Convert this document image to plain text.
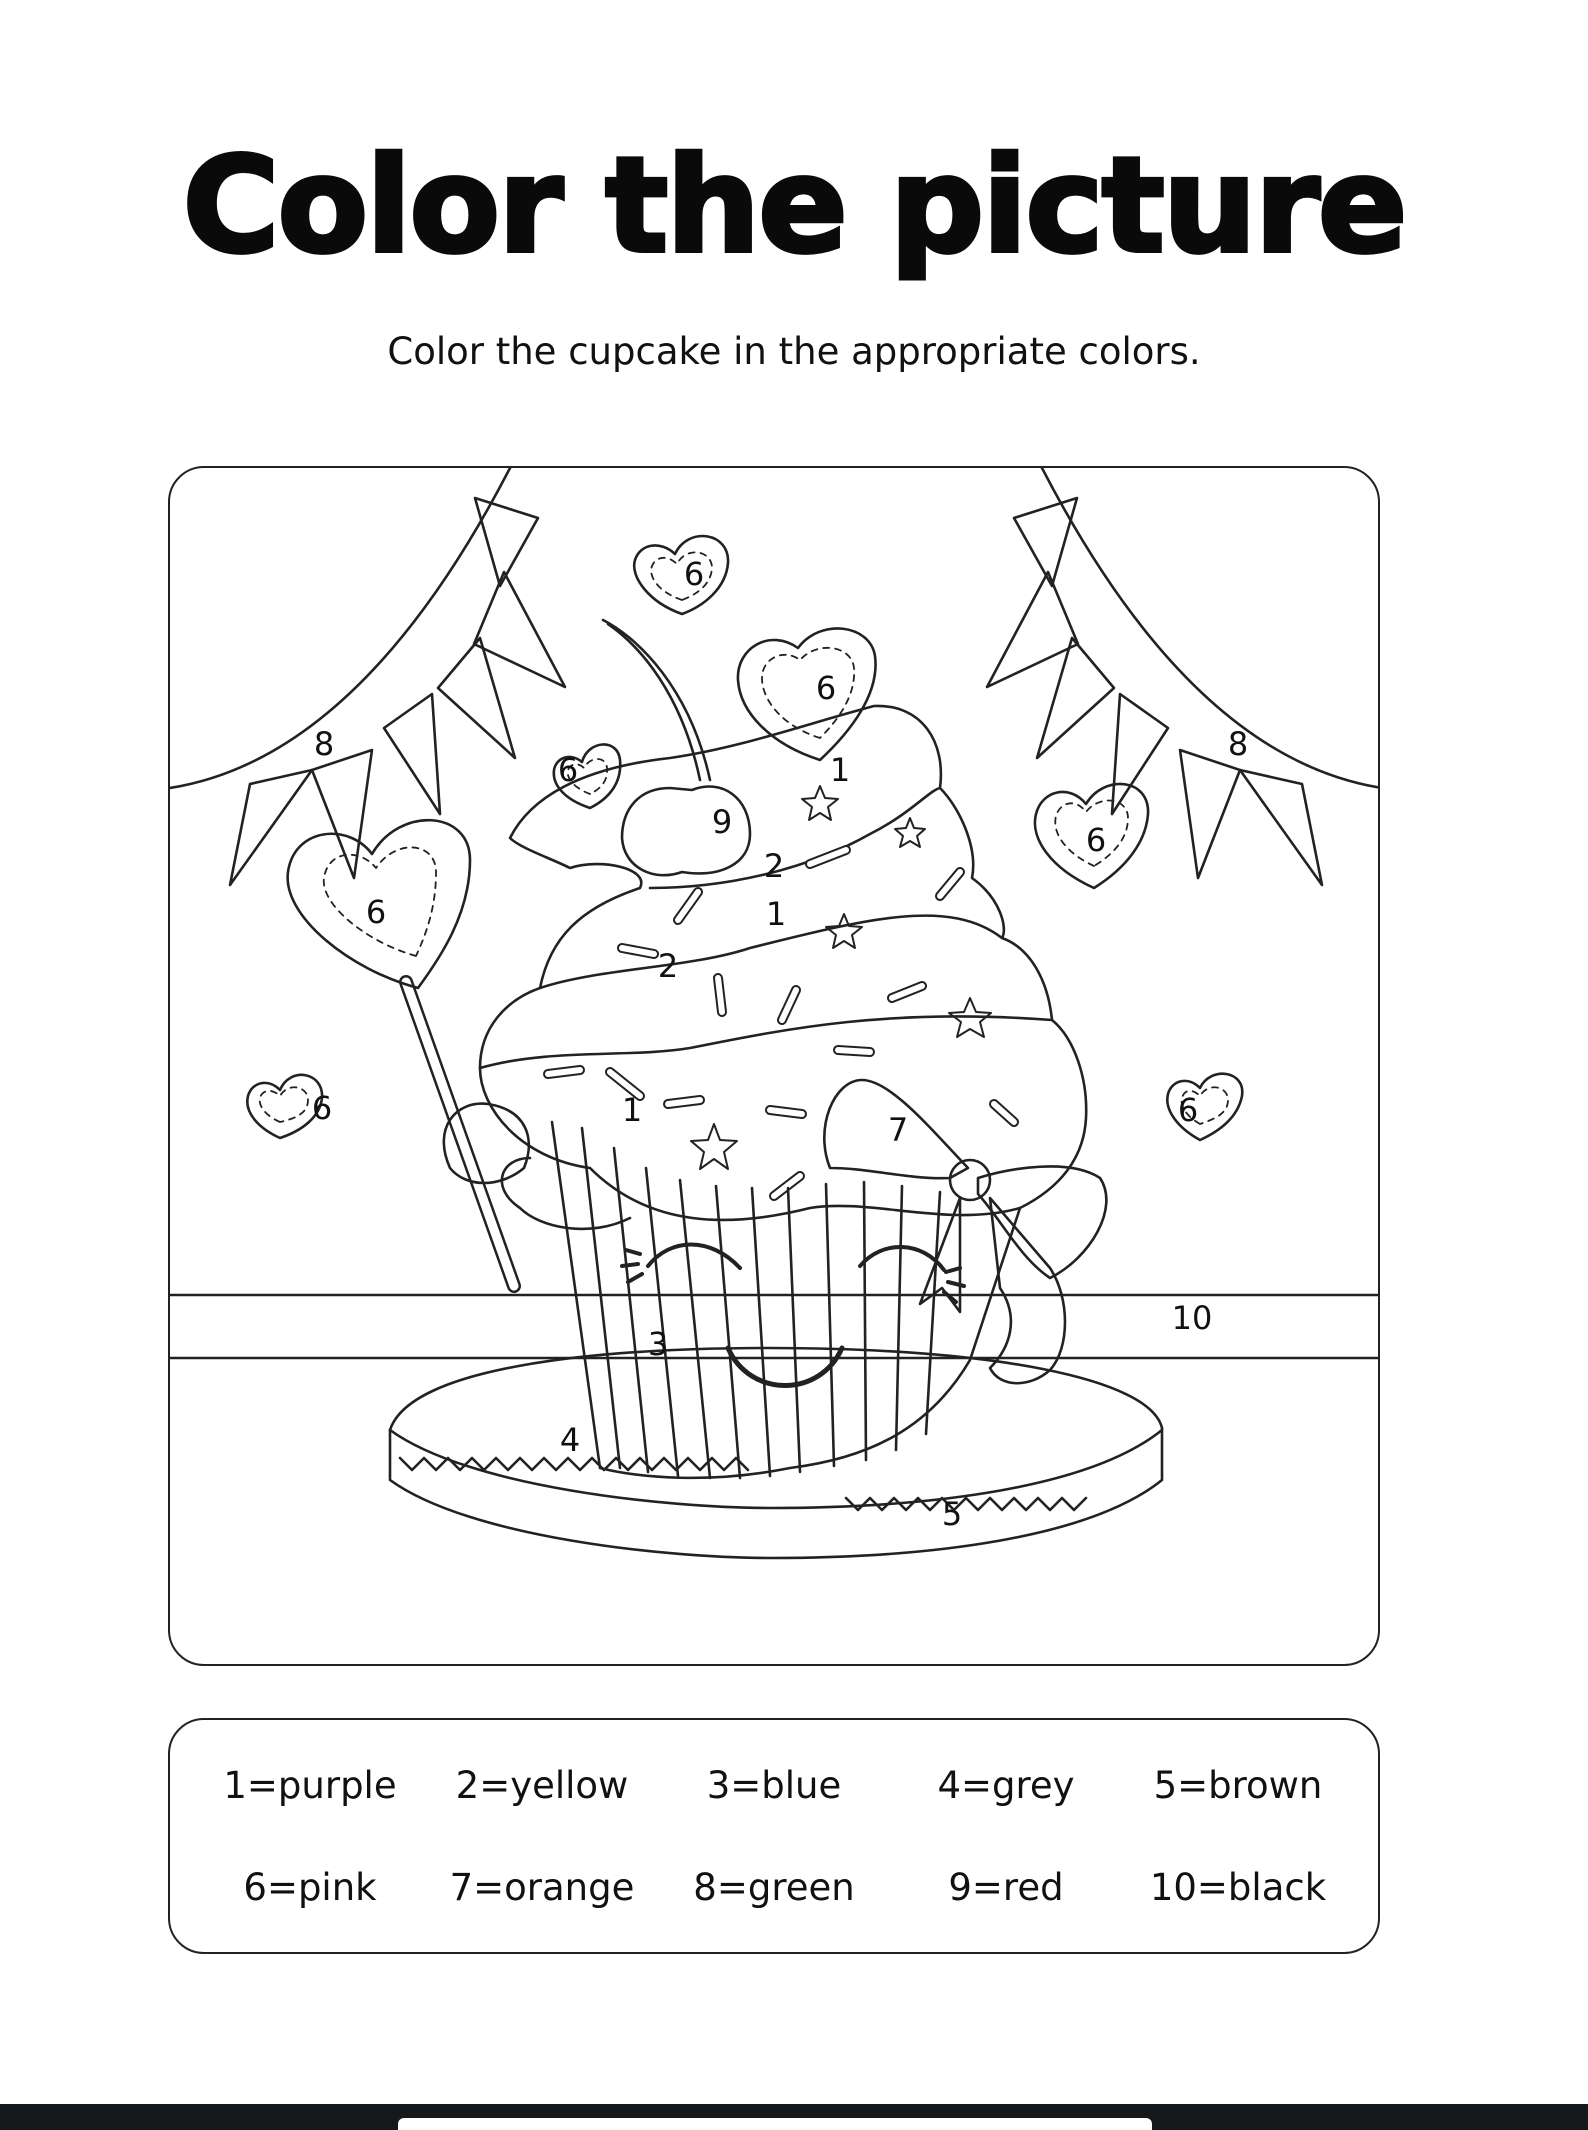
Color the picture
Color the cupcake in the appropriate colors.
6
6
6
6
6
6
6
8	8
9
1
2
1
2
1
7
3
4
5
10
1=purple	2=yellow	3=blue	4=grey	5=brown
6=pink	7=orange	8=green	9=red	10=black
